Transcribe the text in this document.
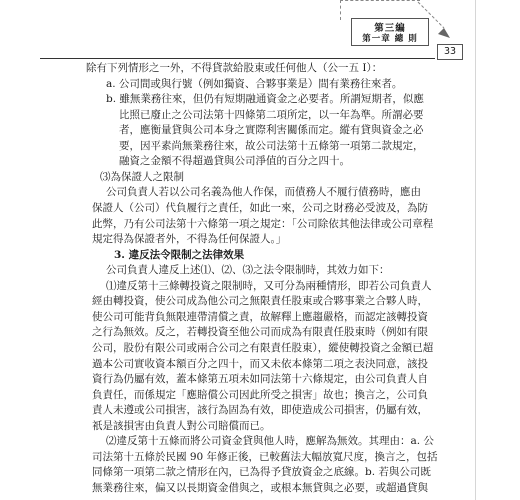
第三編
第一章 總 則
33
除有下列情形之一外，不得貸款給股東或任何他人（公一五 I）：
a. 公司間或與行號（例如獨資、合夥事業是）間有業務往來者。
b. 雖無業務往來，但仍有短期融通資金之必要者。所謂短期者，似應
比照已廢止之公司法第十四條第二項所定，以一年為準。所謂必要
者，應衡量貸與公司本身之實際利害關係而定。縱有貸與資金之必
要，因平素尚無業務往來，故公司法第十五條第一項第二款規定，
融資之金額不得超過貸與公司淨值的百分之四十。
⑶為保證人之限制
公司負責人若以公司名義為他人作保，而債務人不履行債務時，應由
保證人（公司）代負履行之責任，如此一來，公司之財務必受波及，為防
此弊，乃有公司法第十六條第一項之規定：「公司除依其他法律或公司章程
規定得為保證者外，不得為任何保證人。」
3. 違反法令限制之法律效果
公司負責人違反上述⑴、⑵、⑶之法令限制時，其效力如下：
⑴違反第十三條轉投資之限制時，又可分為兩種情形，即若公司負責人
經由轉投資，使公司成為他公司之無限責任股東或合夥事業之合夥人時，
使公司可能背負無限連帶清償之責，故解釋上應趨嚴格，而認定該轉投資
之行為無效。反之，若轉投資至他公司而成為有限責任股東時（例如有限
公司，股份有限公司或兩合公司之有限責任股東），縱使轉投資之金額已超
過本公司實收資本額百分之四十，而又未依本條第二項之表決同意，該投
資行為仍屬有效，蓋本條第五項未如同法第十六條規定，由公司負責人自
負責任，而係規定「應賠償公司因此所受之損害」故也；換言之，公司負
責人未遵或公司損害，該行為固為有效，即使造成公司損害，仍屬有效，
祇是該損害由負責人對公司賠償而已。
⑵違反第十五條而將公司資金貸與他人時，應解為無效。其理由：a. 公
司法第十五條於民國 90 年修正後，已較舊法大幅放寬尺度，換言之，包括
同條第一項第二款之情形在內，已為得予貸放資金之底線。b. 若與公司既
無業務往來，偏又以長期資金借與之，或根本無貸與之必要，或超過貸與
